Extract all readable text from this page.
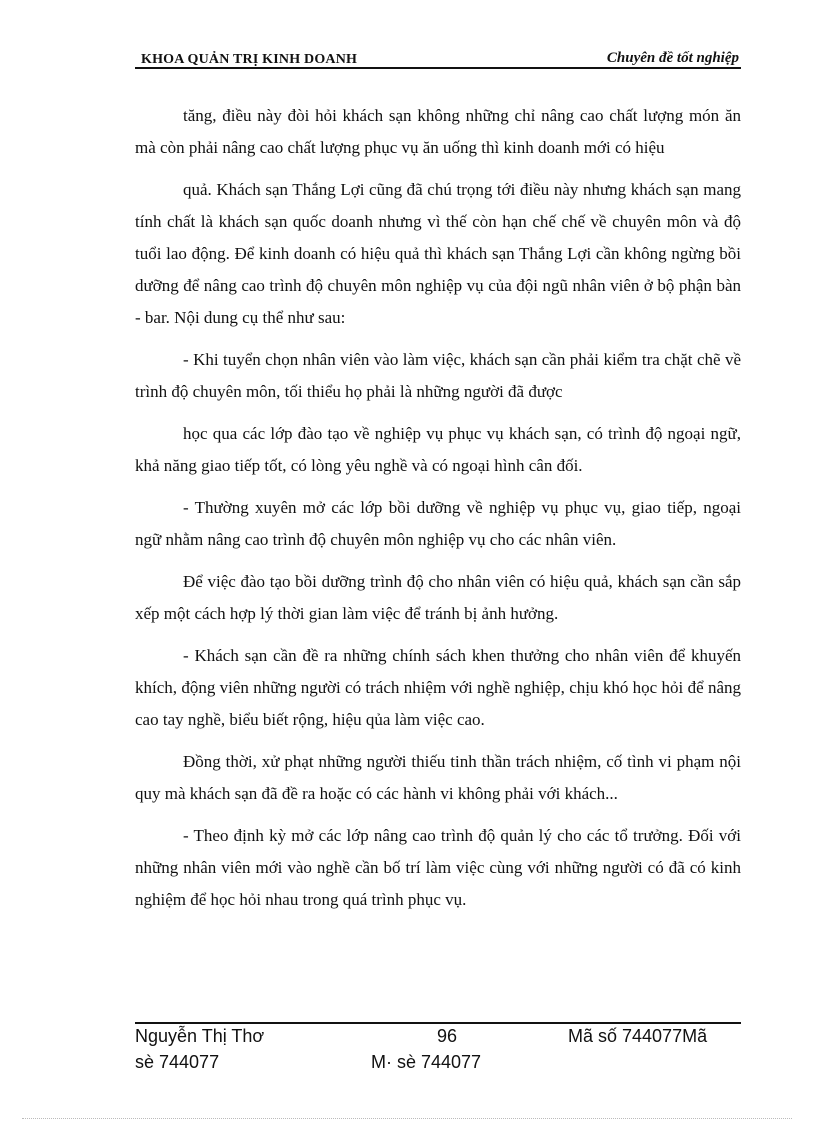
KHOA QUẢN TRỊ KINH DOANH	Chuyên đề tốt nghiệp

tăng, điều này đòi hỏi khách sạn không những chỉ nâng cao chất lượng món ăn mà còn phải nâng cao chất lượng phục vụ ăn uống thì kinh doanh mới có hiệu

quả. Khách sạn Thắng Lợi cũng đã chú trọng tới điều này nhưng khách sạn mang tính chất là khách sạn quốc doanh nhưng vì thế còn hạn chế chế về chuyên môn và độ tuổi lao động. Để kinh doanh có hiệu quả thì khách sạn Thắng Lợi cần không ngừng bồi dưỡng để nâng cao trình độ chuyên môn nghiệp vụ của đội ngũ nhân viên ở bộ phận bàn - bar. Nội dung cụ thể như sau:

- Khi tuyển chọn nhân viên vào làm việc, khách sạn cần phải kiểm tra chặt chẽ về trình độ chuyên môn, tối thiểu họ phải là những người đã được

học qua các lớp đào tạo về nghiệp vụ phục vụ khách sạn, có trình độ ngoại ngữ, khả năng giao tiếp tốt, có lòng yêu nghề và có ngoại hình cân đối.

- Thường xuyên mở các lớp bồi dưỡng về nghiệp vụ phục vụ, giao tiếp, ngoại ngữ nhằm nâng cao trình độ chuyên môn nghiệp vụ cho các nhân viên.

Để việc đào tạo bồi dưỡng trình độ cho nhân viên có hiệu quả, khách sạn cần sắp xếp một cách hợp lý thời gian làm việc để tránh bị ảnh hưởng.

- Khách sạn cần đề ra những chính sách khen thưởng cho nhân viên để khuyến khích, động viên những người có trách nhiệm với nghề nghiệp, chịu khó học hỏi để nâng cao tay nghề, biểu biết rộng, hiệu qủa làm việc cao.

Đồng thời, xử phạt những người thiếu tinh thần trách nhiệm, cố tình vi phạm nội quy mà khách sạn đã đề ra hoặc có các hành vi không phải với khách...

- Theo định kỳ mở các lớp nâng cao trình độ quản lý cho các tổ trưởng. Đối với những nhân viên mới vào nghề cần bố trí làm việc cùng với những người có đã có kinh nghiệm để học hỏi nhau trong quá trình phục vụ.

Nguyễn Thị Thơ	96	Mã số 744077Mã
sè 744077	M· sè 744077
